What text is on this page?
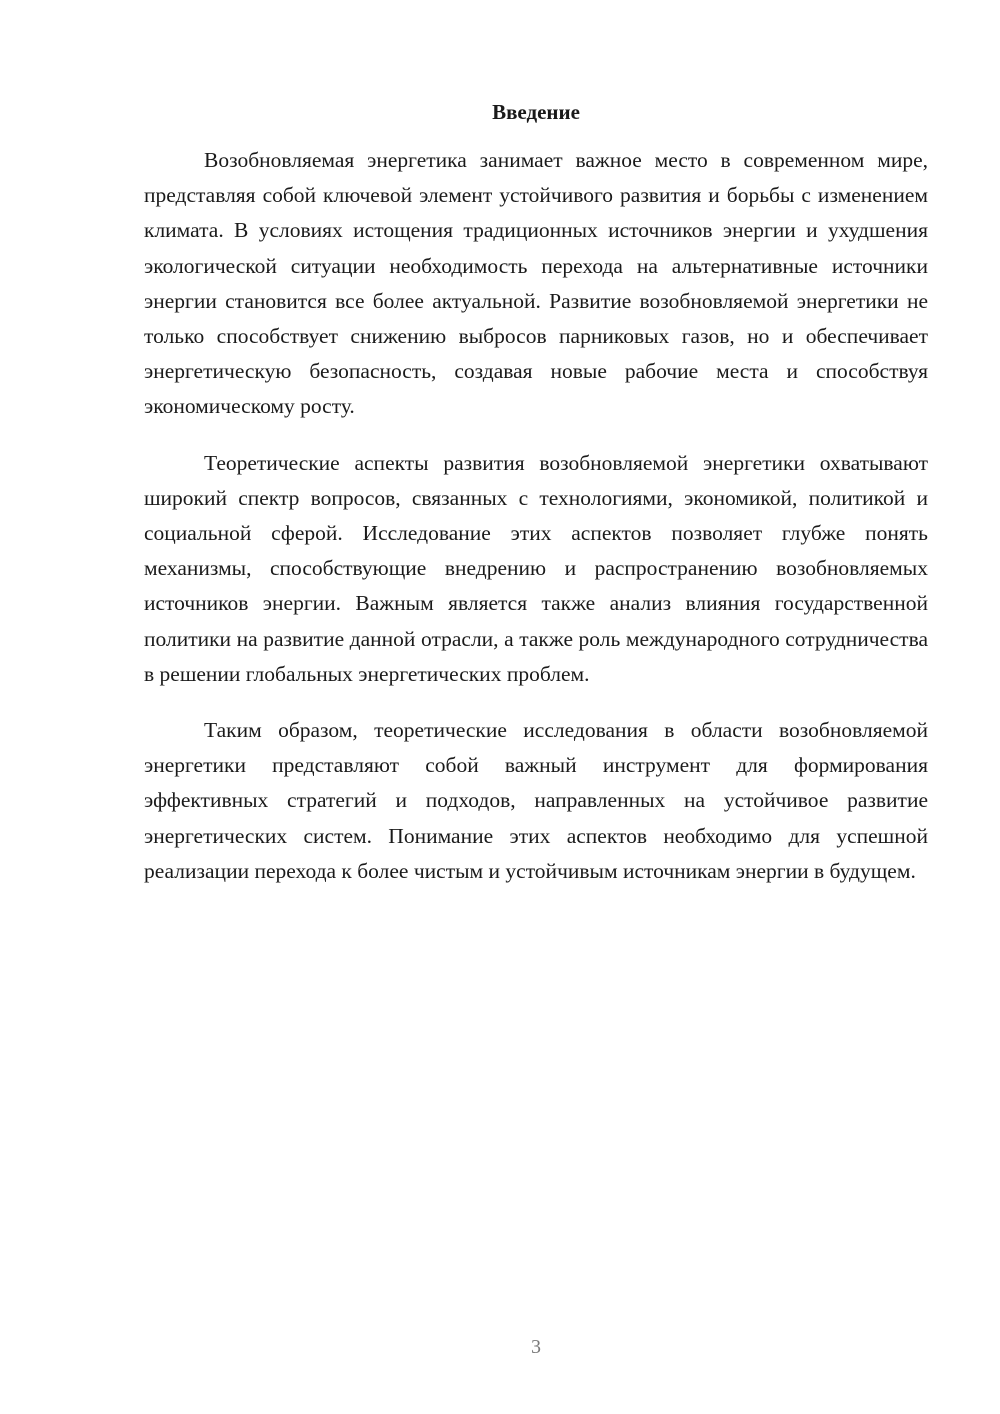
Введение

Возобновляемая энергетика занимает важное место в современном мире, представляя собой ключевой элемент устойчивого развития и борьбы с изменением климата. В условиях истощения традиционных источников энергии и ухудшения экологической ситуации необходимость перехода на альтернативные источники энергии становится все более актуальной. Развитие возобновляемой энергетики не только способствует снижению выбросов парниковых газов, но и обеспечивает энергетическую безопасность, создавая новые рабочие места и способствуя экономическому росту.

Теоретические аспекты развития возобновляемой энергетики охватывают широкий спектр вопросов, связанных с технологиями, экономикой, политикой и социальной сферой. Исследование этих аспектов позволяет глубже понять механизмы, способствующие внедрению и распространению возобновляемых источников энергии. Важным является также анализ влияния государственной политики на развитие данной отрасли, а также роль международного сотрудничества в решении глобальных энергетических проблем.

Таким образом, теоретические исследования в области возобновляемой энергетики представляют собой важный инструмент для формирования эффективных стратегий и подходов, направленных на устойчивое развитие энергетических систем. Понимание этих аспектов необходимо для успешной реализации перехода к более чистым и устойчивым источникам энергии в будущем.

3
